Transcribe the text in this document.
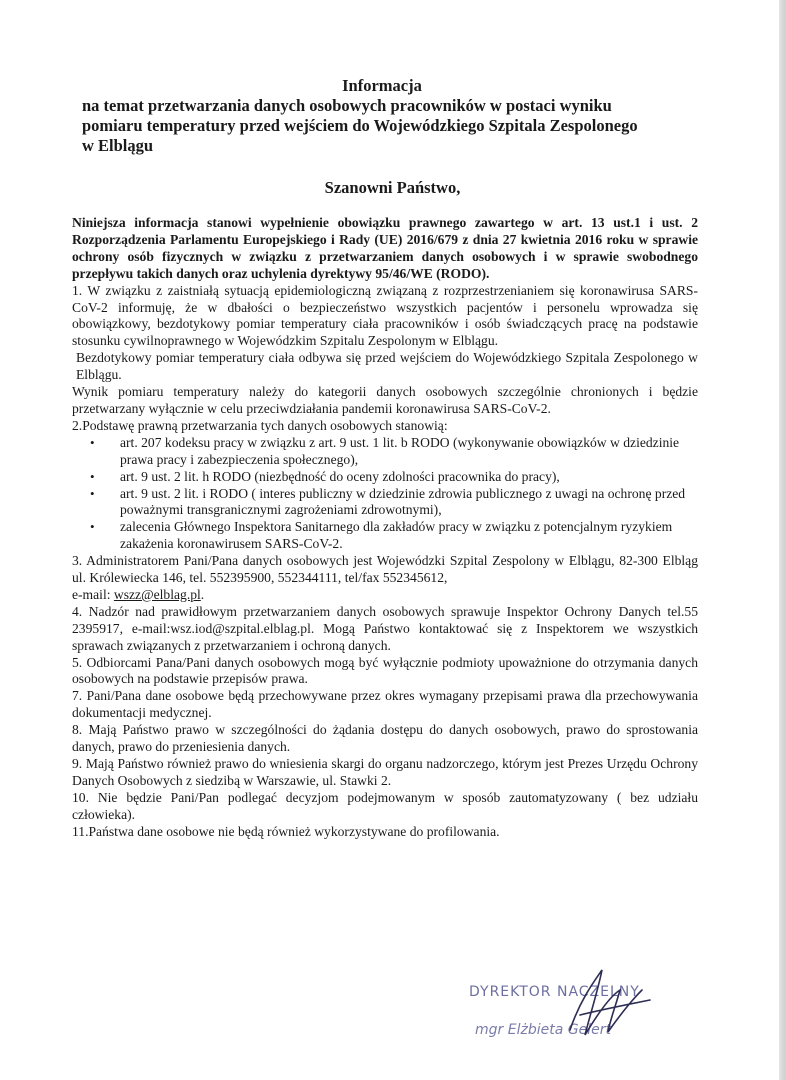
Informacja
na temat przetwarzania danych osobowych pracowników w postaci wyniku
pomiaru temperatury przed wejściem do Wojewódzkiego Szpitala Zespolonego
w Elblągu
Szanowni Państwo,

Niniejsza informacja stanowi wypełnienie obowiązku prawnego zawartego w art. 13 ust.1 i ust. 2 Rozporządzenia Parlamentu Europejskiego i Rady (UE) 2016/679 z dnia 27 kwietnia 2016 roku w sprawie ochrony osób fizycznych w związku z przetwarzaniem danych osobowych i w sprawie swobodnego przepływu takich danych oraz uchylenia dyrektywy 95/46/WE (RODO).

1. W związku z zaistniałą sytuacją epidemiologiczną związaną z rozprzestrzenianiem się koronawirusa SARS-CoV-2 informuję, że w dbałości o bezpieczeństwo wszystkich pacjentów i personelu wprowadza się obowiązkowy, bezdotykowy pomiar temperatury ciała pracowników i osób świadczących pracę na podstawie stosunku cywilnoprawnego w Wojewódzkim Szpitalu Zespolonym w Elblągu.

Bezdotykowy pomiar temperatury ciała odbywa się przed wejściem do Wojewódzkiego Szpitala Zespolonego w Elblągu.

Wynik pomiaru temperatury należy do kategorii danych osobowych szczególnie chronionych i będzie przetwarzany wyłącznie w celu przeciwdziałania pandemii koronawirusa SARS-CoV-2.

2.Podstawę prawną przetwarzania tych danych osobowych stanowią:

• art. 207 kodeksu pracy w związku z art. 9 ust. 1 lit. b RODO (wykonywanie obowiązków w dziedzinie prawa pracy i zabezpieczenia społecznego),
• art. 9 ust. 2 lit. h RODO (niezbędność do oceny zdolności pracownika do pracy),
• art. 9 ust. 2 lit. i RODO ( interes publiczny w dziedzinie zdrowia publicznego z uwagi na ochronę przed poważnymi transgranicznymi zagrożeniami zdrowotnymi),
• zalecenia Głównego Inspektora Sanitarnego dla zakładów pracy w związku z potencjalnym ryzykiem zakażenia koronawirusem SARS-CoV-2.

3. Administratorem Pani/Pana danych osobowych jest Wojewódzki Szpital Zespolony w Elblągu, 82-300 Elbląg ul. Królewiecka 146, tel. 552395900, 552344111, tel/fax 552345612,
e-mail: wszz@elblag.pl.

4. Nadzór nad prawidłowym przetwarzaniem danych osobowych sprawuje Inspektor Ochrony Danych tel.55 2395917, e-mail:wsz.iod@szpital.elblag.pl. Mogą Państwo kontaktować się z Inspektorem we wszystkich sprawach związanych z przetwarzaniem i ochroną danych.

5. Odbiorcami Pana/Pani danych osobowych mogą być wyłącznie podmioty upoważnione do otrzymania danych osobowych na podstawie przepisów prawa.

7. Pani/Pana dane osobowe będą przechowywane przez okres wymagany przepisami prawa dla przechowywania dokumentacji medycznej.

8. Mają Państwo prawo w szczególności do żądania dostępu do danych osobowych, prawo do sprostowania danych, prawo do przeniesienia danych.

9. Mają Państwo również prawo do wniesienia skargi do organu nadzorczego, którym jest Prezes Urzędu Ochrony Danych Osobowych z siedzibą w Warszawie, ul. Stawki 2.

10. Nie będzie Pani/Pan podlegać decyzjom podejmowanym w sposób zautomatyzowany ( bez udziału człowieka).

11.Państwa dane osobowe nie będą również wykorzystywane do profilowania.

DYREKTOR NACZELNY
mgr Elżbieta Gelert
